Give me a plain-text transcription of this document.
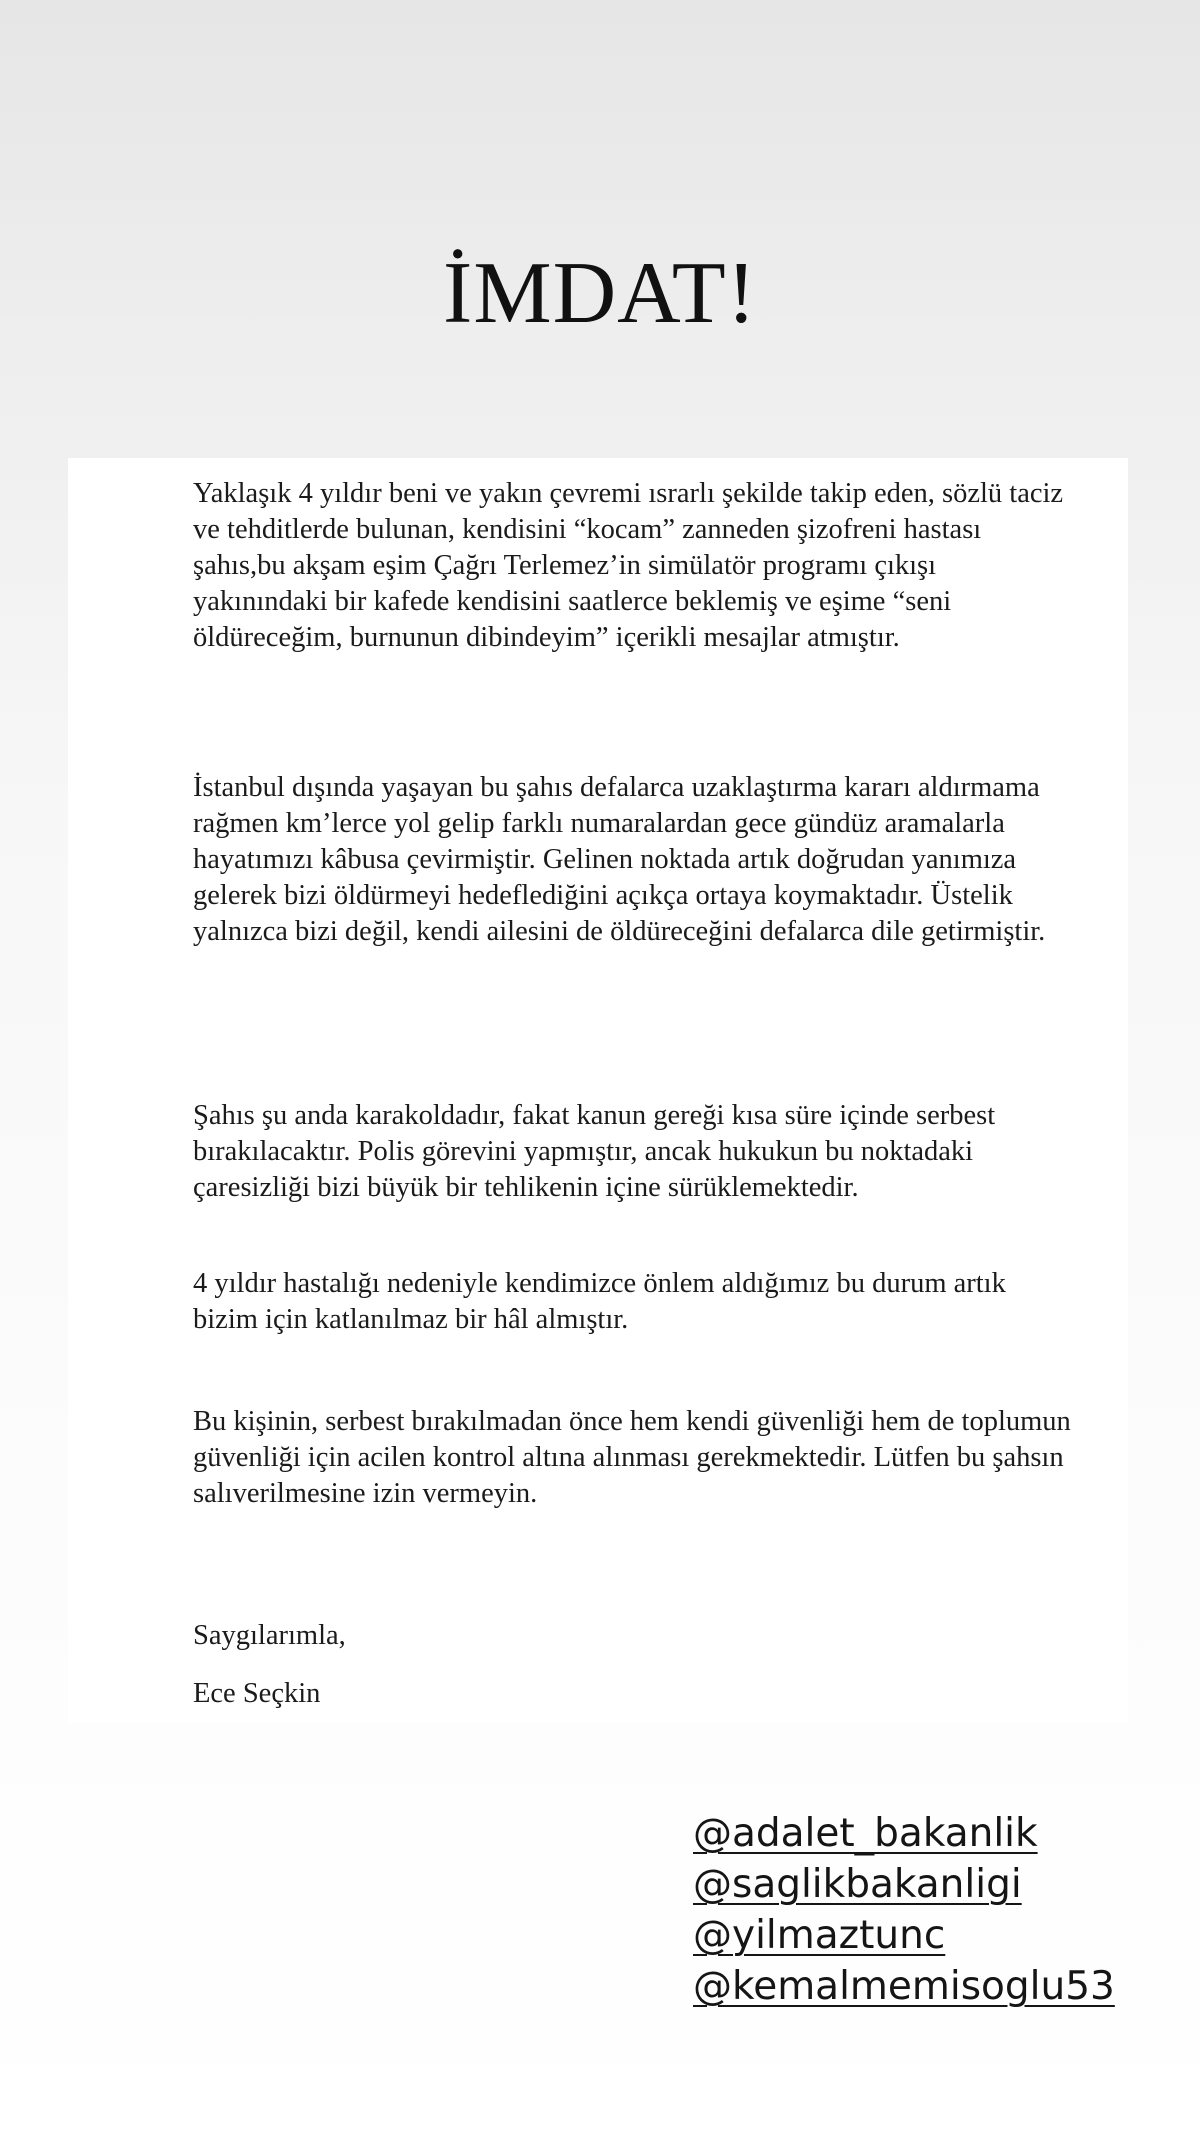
İMDAT!

Yaklaşık 4 yıldır beni ve yakın çevremi ısrarlı şekilde takip eden, sözlü taciz ve tehditlerde bulunan, kendisini “kocam” zanneden şizofreni hastası şahıs,bu akşam eşim Çağrı Terlemez’in simülatör programı çıkışı yakınındaki bir kafede kendisini saatlerce beklemiş ve eşime “seni öldüreceğim, burnunun dibindeyim” içerikli mesajlar atmıştır.

İstanbul dışında yaşayan bu şahıs defalarca uzaklaştırma kararı aldırmama rağmen km’lerce yol gelip farklı numaralardan gece gündüz aramalarla hayatımızı kâbusa çevirmiştir. Gelinen noktada artık doğrudan yanımıza gelerek bizi öldürmeyi hedeflediğini açıkça ortaya koymaktadır. Üstelik yalnızca bizi değil, kendi ailesini de öldüreceğini defalarca dile getirmiştir.

Şahıs şu anda karakoldadır, fakat kanun gereği kısa süre içinde serbest bırakılacaktır. Polis görevini yapmıştır, ancak hukukun bu noktadaki çaresizliği bizi büyük bir tehlikenin içine sürüklemektedir.

4 yıldır hastalığı nedeniyle kendimizce önlem aldığımız bu durum artık bizim için katlanılmaz bir hâl almıştır.

Bu kişinin, serbest bırakılmadan önce hem kendi güvenliği hem de toplumun güvenliği için acilen kontrol altına alınması gerekmektedir. Lütfen bu şahsın salıverilmesine izin vermeyin.

Saygılarımla,

Ece Seçkin

@adalet_bakanlik
@saglikbakanligi
@yilmaztunc
@kemalmemisoglu53
